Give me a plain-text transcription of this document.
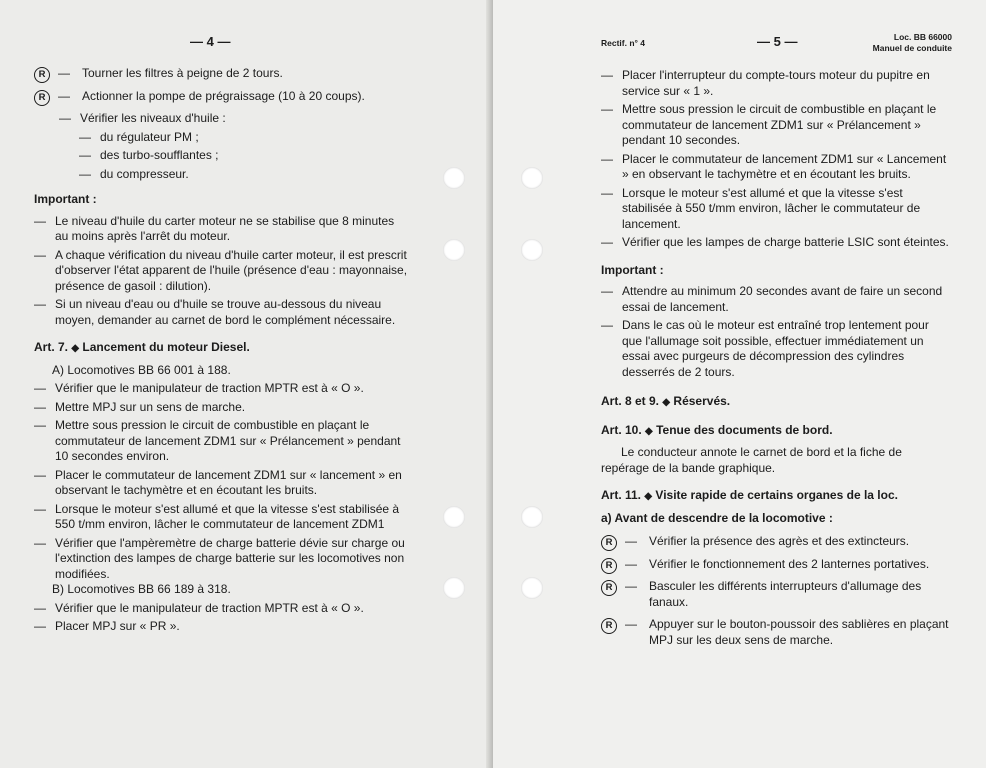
— 4 —
R	— Tourner les filtres à peigne de 2 tours.
R	— Actionner la pompe de prégraissage (10 à 20 coups).
— Vérifier les niveaux d'huile :
— du régulateur PM ;
— des turbo-soufflantes ;
— du compresseur.
Important :
— Le niveau d'huile du carter moteur ne se stabilise que 8 minutes au moins après l'arrêt du moteur.
— A chaque vérification du niveau d'huile carter moteur, il est prescrit d'observer l'état apparent de l'huile (présence d'eau : mayonnaise, présence de gasoil : dilution).
— Si un niveau d'eau ou d'huile se trouve au-dessous du niveau moyen, demander au carnet de bord le complément nécessaire.
Art. 7. ◆ Lancement du moteur Diesel.
A) Locomotives BB 66 001 à 188.
— Vérifier que le manipulateur de traction MPTR est à « O ».
— Mettre MPJ sur un sens de marche.
— Mettre sous pression le circuit de combustible en plaçant le commutateur de lancement ZDM1 sur « Prélancement » pendant 10 secondes environ.
— Placer le commutateur de lancement ZDM1 sur « lancement » en observant le tachymètre et en écoutant les bruits.
— Lorsque le moteur s'est allumé et que la vitesse s'est stabilisée à 550 t/mm environ, lâcher le commutateur de lancement ZDM1
— Vérifier que l'ampèremètre de charge batterie dévie sur charge ou l'extinction des lampes de charge batterie sur les locomotives non modifiées.
B) Locomotives BB 66 189 à 318.
— Vérifier que le manipulateur de traction MPTR est à « O ».
— Placer MPJ sur « PR ».
Rectif. n° 4	— 5 —	Loc. BB 66000
Manuel de conduite
— Placer l'interrupteur du compte-tours moteur du pupitre en service sur « 1 ».
— Mettre sous pression le circuit de combustible en plaçant le commutateur de lancement ZDM1 sur « Prélancement » pendant 10 secondes.
— Placer le commutateur de lancement ZDM1 sur « Lancement » en observant le tachymètre et en écoutant les bruits.
— Lorsque le moteur s'est allumé et que la vitesse s'est stabilisée à 550 t/mm environ, lâcher le commutateur de lancement.
— Vérifier que les lampes de charge batterie LSIC sont éteintes.
Important :
— Attendre au minimum 20 secondes avant de faire un second essai de lancement.
— Dans le cas où le moteur est entraîné trop lentement pour que l'allumage soit possible, effectuer immédiatement un essai avec purgeurs de décompression des cylindres desserrés de 2 tours.
Art. 8 et 9. ◆ Réservés.
Art. 10. ◆ Tenue des documents de bord.
Le conducteur annote le carnet de bord et la fiche de repérage de la bande graphique.
Art. 11. ◆ Visite rapide de certains organes de la loc.
a) Avant de descendre de la locomotive :
R	— Vérifier la présence des agrès et des extincteurs.
R	— Vérifier le fonctionnement des 2 lanternes portatives.
R	— Basculer les différents interrupteurs d'allumage des fanaux.
R	— Appuyer sur le bouton-poussoir des sablières en plaçant MPJ sur les deux sens de marche.
